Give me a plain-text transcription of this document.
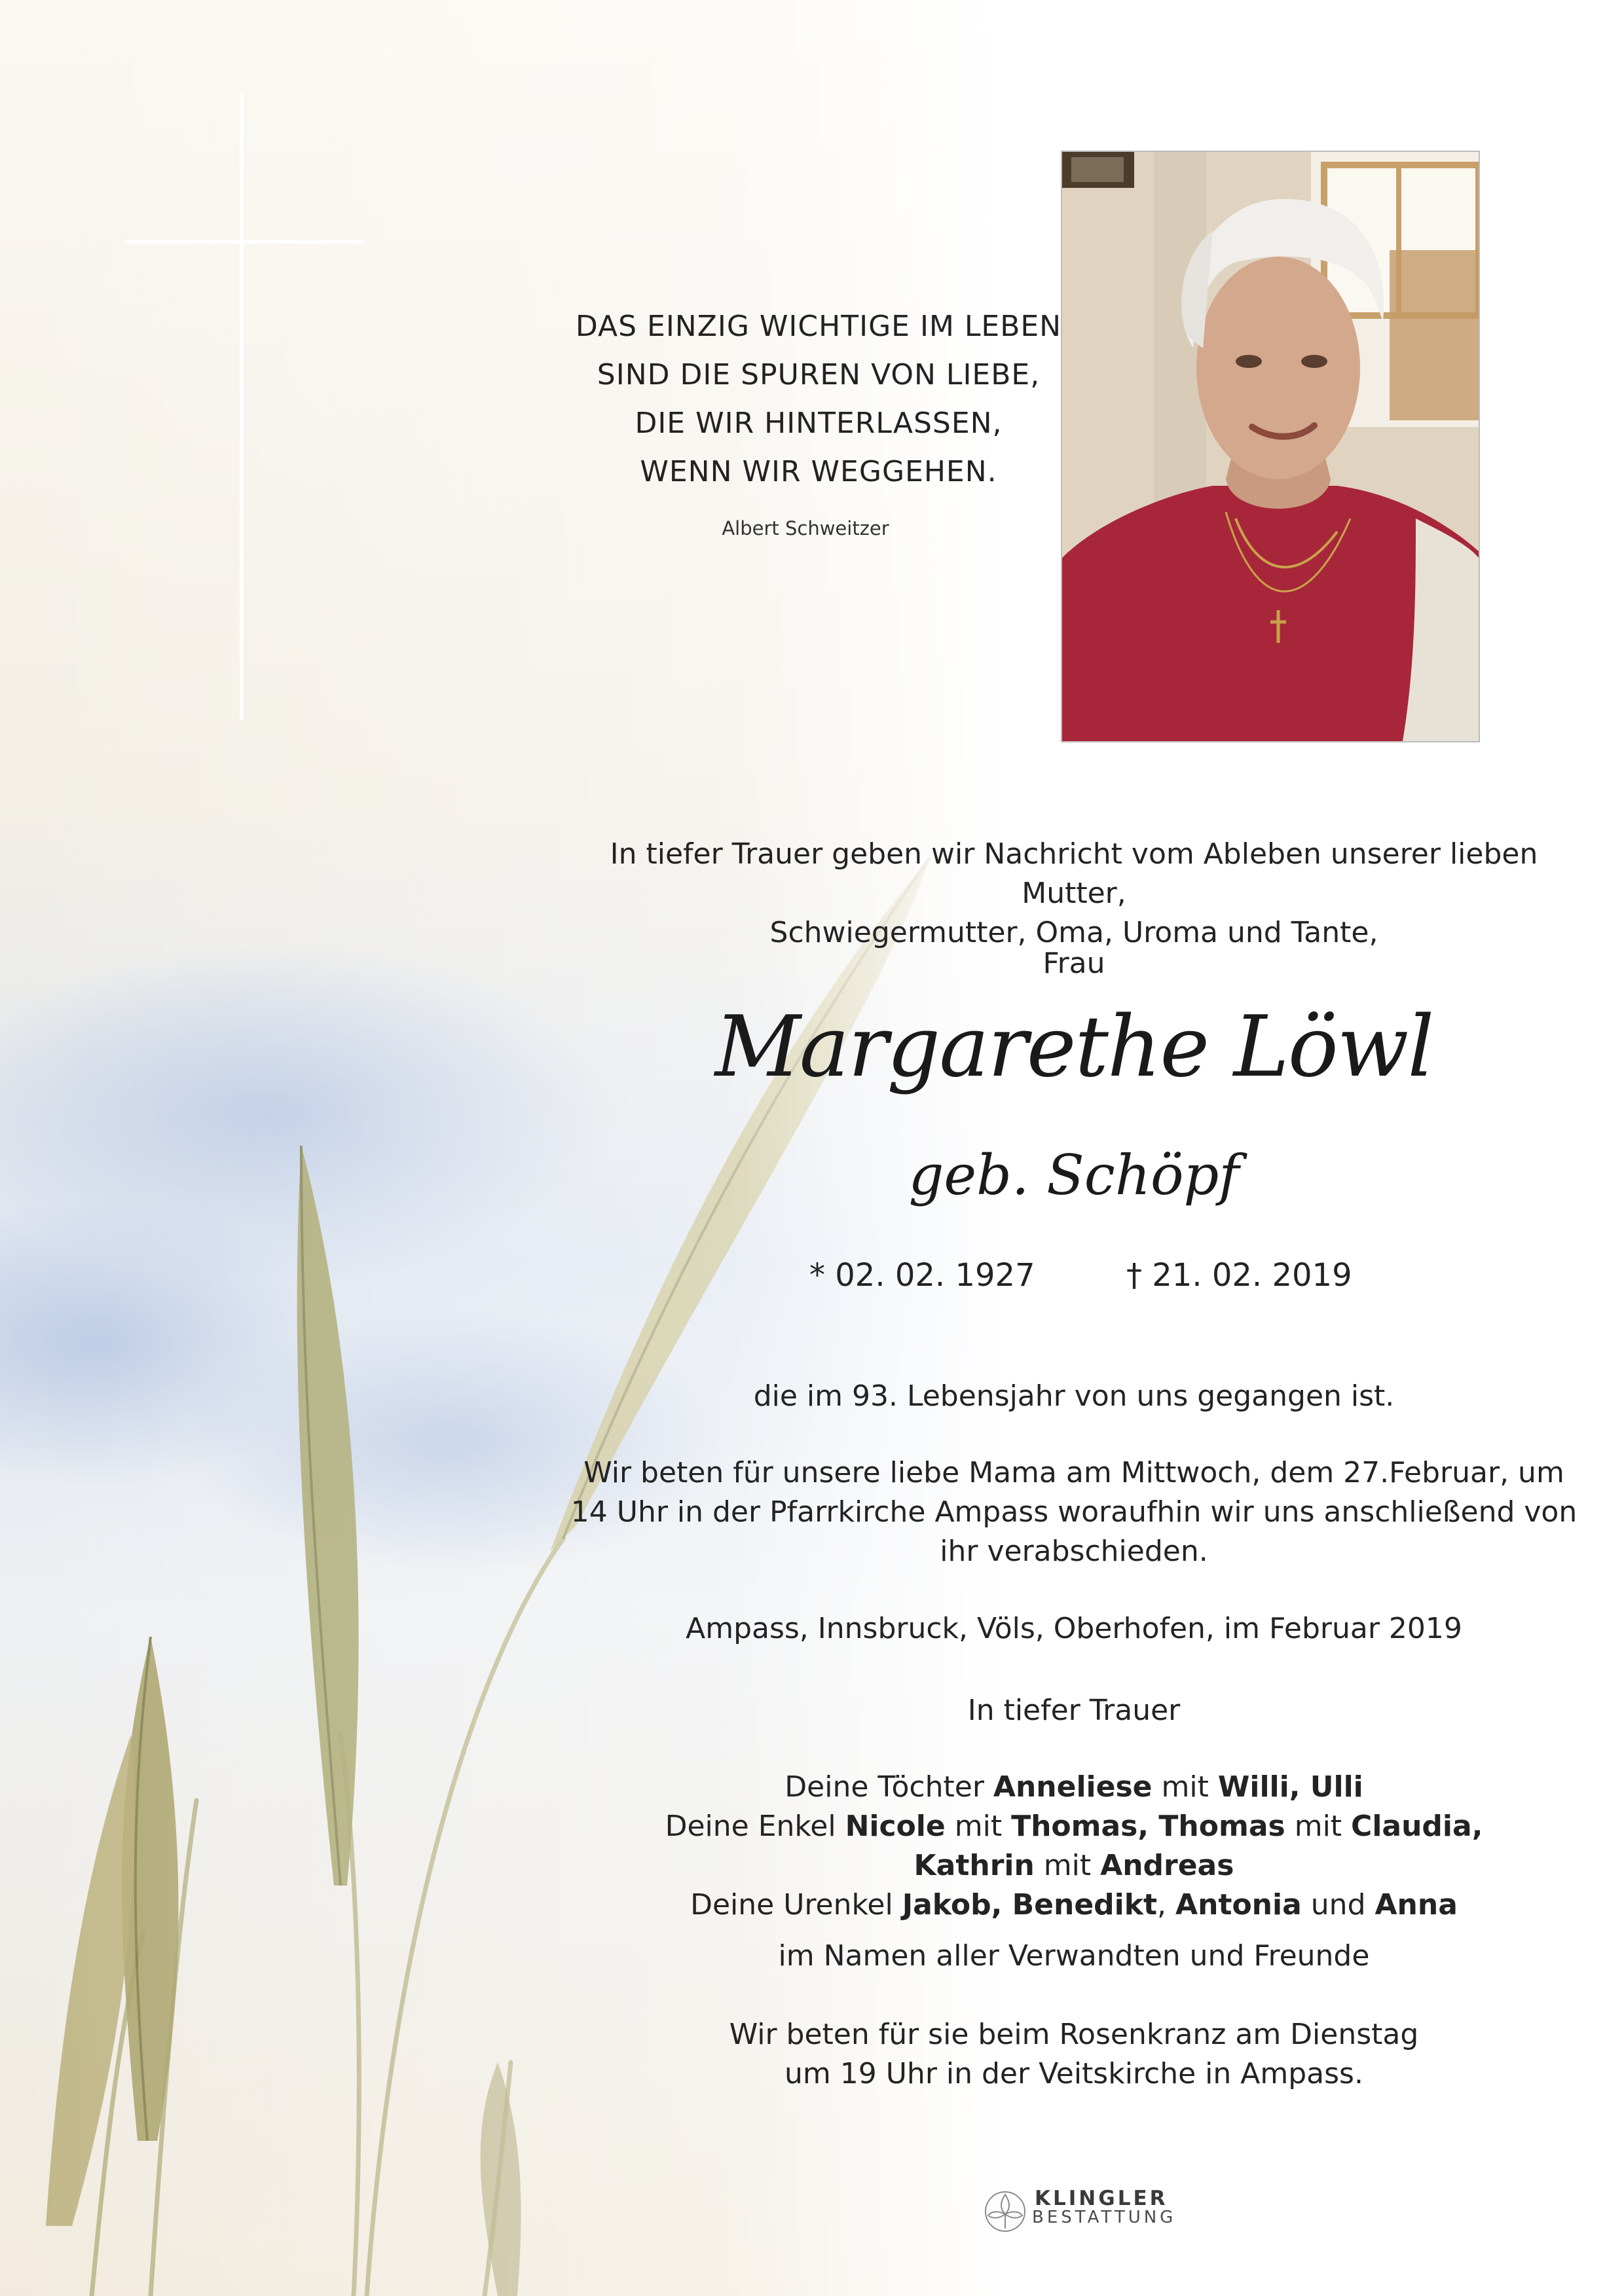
DAS EINZIG WICHTIGE IM LEBEN
SIND DIE SPUREN VON LIEBE,
DIE WIR HINTERLASSEN,
WENN WIR WEGGEHEN.
Albert Schweitzer
In tiefer Trauer geben wir Nachricht vom Ableben unserer lieben Mutter,
Schwiegermutter, Oma, Uroma und Tante,
Frau
Margarethe Löwl
geb. Schöpf
* 02. 02. 1927	† 21. 02. 2019
die im 93. Lebensjahr von uns gegangen ist.
Wir beten für unsere liebe Mama am Mittwoch, dem 27.Februar, um
14 Uhr in der Pfarrkirche Ampass woraufhin wir uns anschließend von
ihr verabschieden.
Ampass, Innsbruck, Völs, Oberhofen, im Februar 2019
In tiefer Trauer
Deine Töchter Anneliese mit Willi, Ulli
Deine Enkel Nicole mit Thomas, Thomas mit Claudia,
Kathrin mit Andreas
Deine Urenkel Jakob, Benedikt, Antonia und Anna
im Namen aller Verwandten und Freunde
Wir beten für sie beim Rosenkranz am Dienstag
um 19 Uhr in der Veitskirche in Ampass.
KLINGLER
BESTATTUNG
